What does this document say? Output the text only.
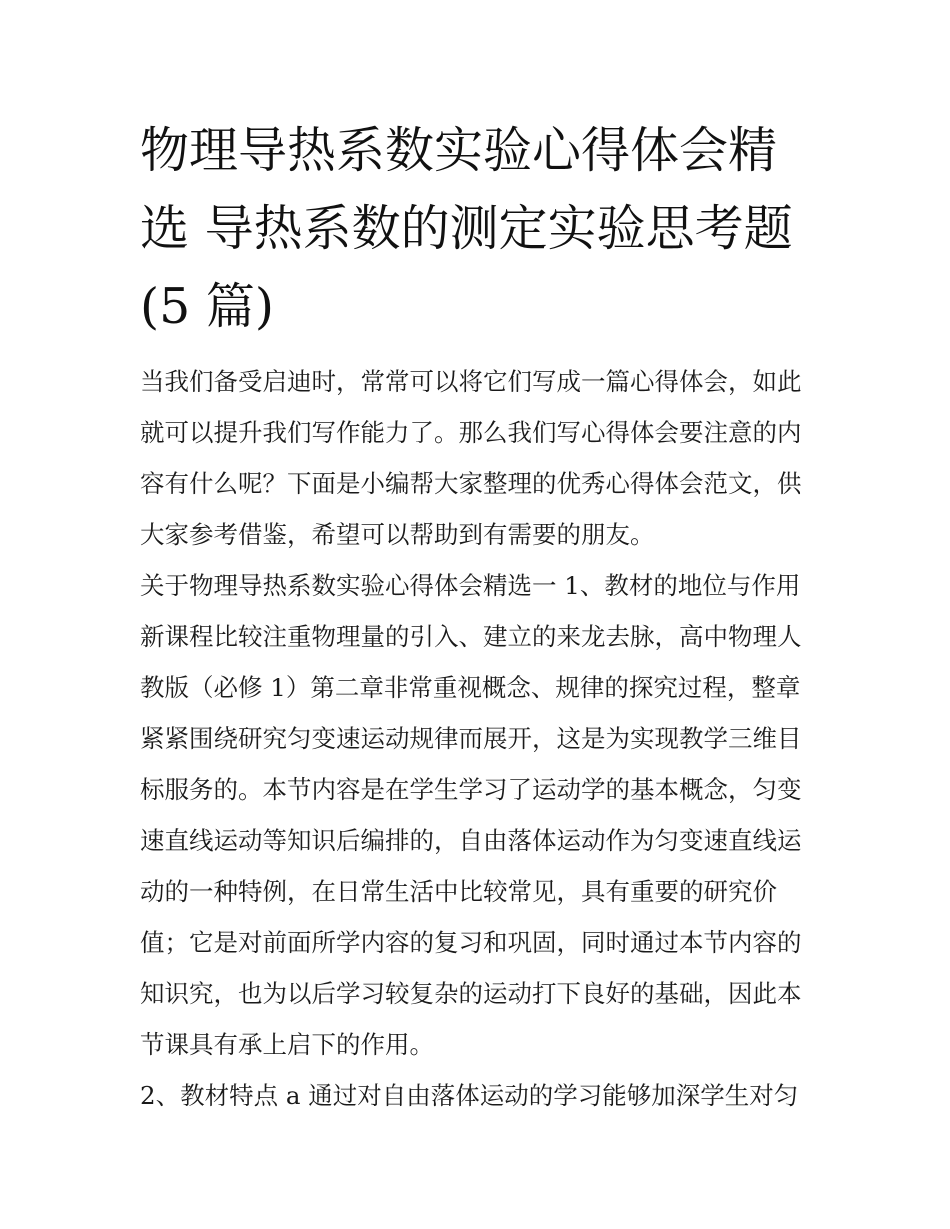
物理导热系数实验心得体会精
选 导热系数的测定实验思考题
(5 篇)

当我们备受启迪时，常常可以将它们写成一篇心得体会，如此
就可以提升我们写作能力了。那么我们写心得体会要注意的内
容有什么呢？下面是小编帮大家整理的优秀心得体会范文，供
大家参考借鉴，希望可以帮助到有需要的朋友。

关于物理导热系数实验心得体会精选一 1、教材的地位与作用
新课程比较注重物理量的引入、建立的来龙去脉，高中物理人
教版（必修 1）第二章非常重视概念、规律的探究过程，整章
紧紧围绕研究匀变速运动规律而展开，这是为实现教学三维目
标服务的。本节内容是在学生学习了运动学的基本概念，匀变
速直线运动等知识后编排的，自由落体运动作为匀变速直线运
动的一种特例，在日常生活中比较常见，具有重要的研究价
值；它是对前面所学内容的复习和巩固，同时通过本节内容的
知识究，也为以后学习较复杂的运动打下良好的基础，因此本
节课具有承上启下的作用。

2、教材特点 a 通过对自由落体运动的学习能够加深学生对匀
